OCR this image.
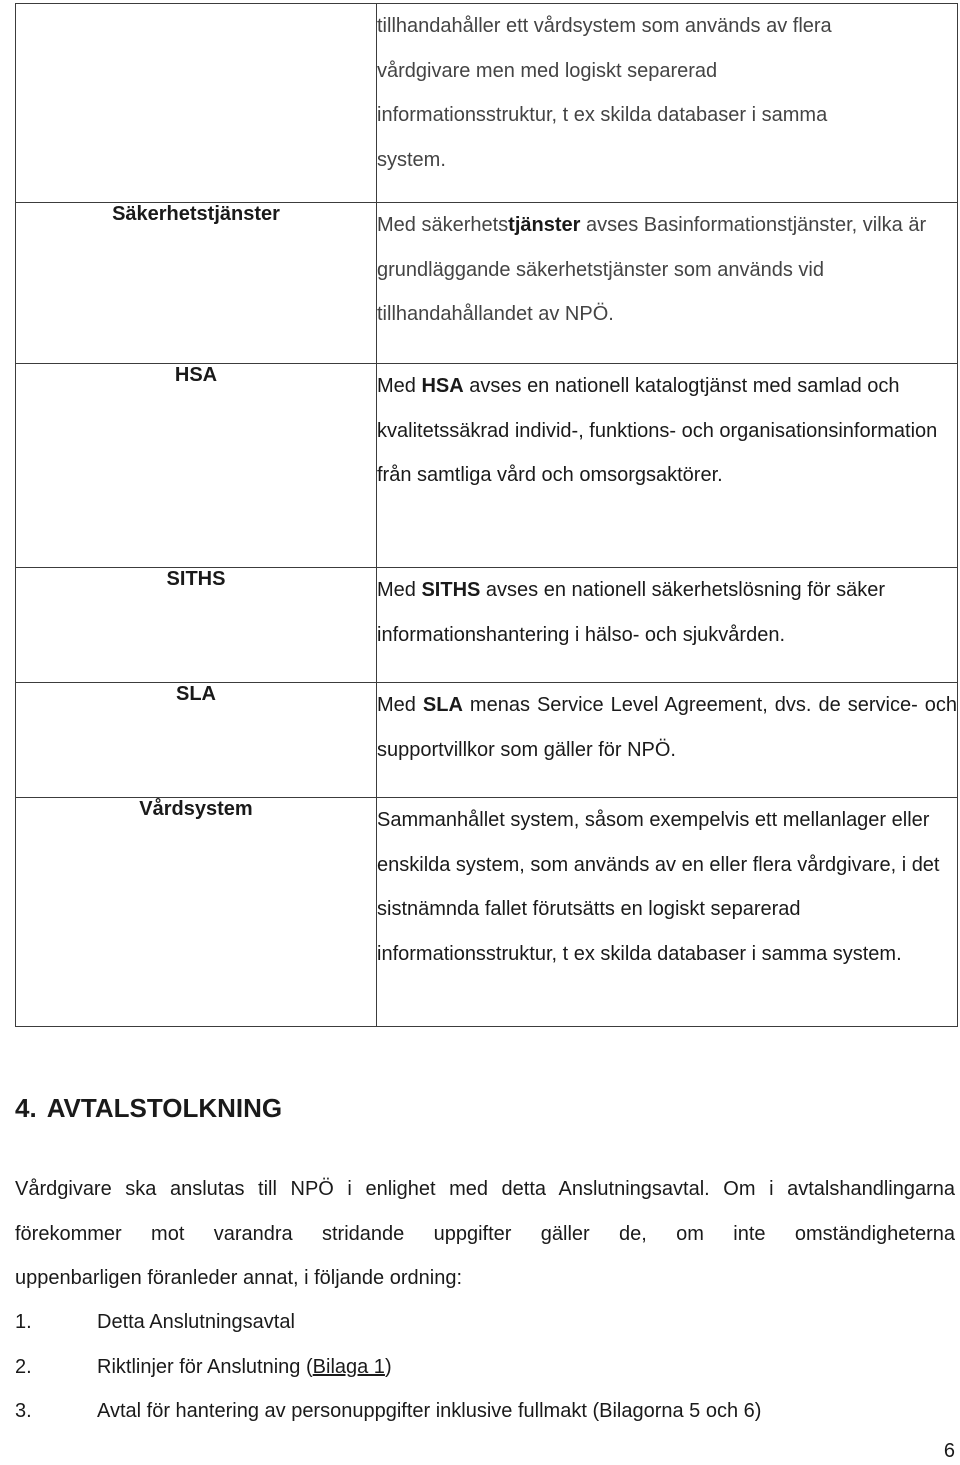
	tillhandahåller ett vårdsystem som används av flera
vårdgivare men med logiskt separerad
informationsstruktur, t ex skilda databaser i samma
system.

Säkerhetstjänster	Med säkerhetstjänster avses Basinformationstjänster, vilka är grundläggande säkerhetstjänster som används vid tillhandahållandet av NPÖ.
HSA	Med HSA avses en nationell katalogtjänst med samlad och kvalitetssäkrad individ-, funktions- och organisationsinformation från samtliga vård och omsorgsaktörer.
SITHS	Med SITHS avses en nationell säkerhetslösning för säker informationshantering i hälso- och sjukvården.
SLA	Med SLA menas Service Level Agreement, dvs. de service- och supportvillkor som gäller för NPÖ.
Vårdsystem	Sammanhållet system, såsom exempelvis ett mellanlager eller enskilda system, som används av en eller flera vårdgivare, i det sistnämnda fallet förutsätts en logiskt separerad informationsstruktur, t ex skilda databaser i samma system.
4. AVTALSTOLKNING

Vårdgivare ska anslutas till NPÖ i enlighet med detta Anslutningsavtal. Om i avtalshandlingarna
förekommer mot varandra stridande uppgifter gäller de, om inte omständigheterna
uppenbarligen föranleder annat, i följande ordning:

1.	Detta Anslutningsavtal
2.	Riktlinjer för Anslutning (Bilaga 1)
3.	Avtal för hantering av personuppgifter inklusive fullmakt (Bilagorna 5 och 6)
6
